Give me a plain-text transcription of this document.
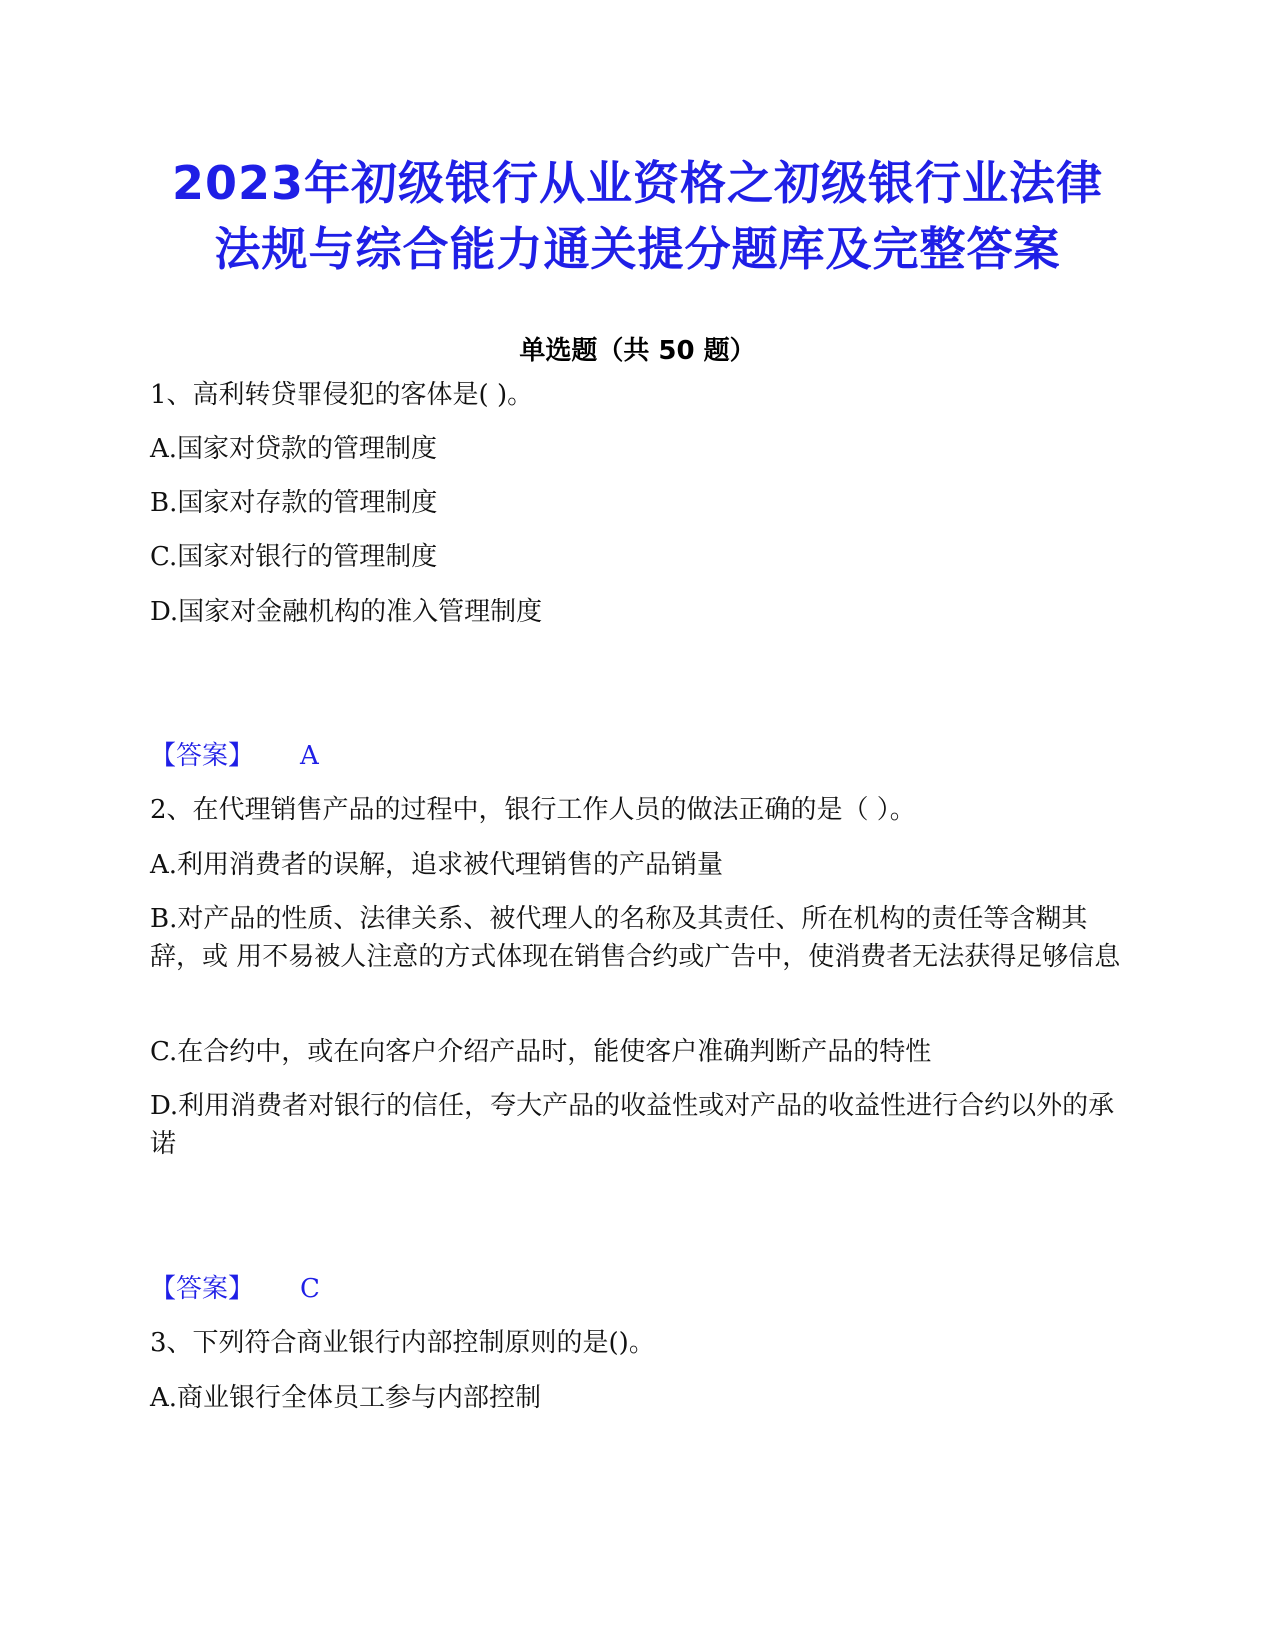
2023年初级银行从业资格之初级银行业法律
法规与综合能力通关提分题库及完整答案
单选题（共 50 题）
1、高利转贷罪侵犯的客体是( )。
A.国家对贷款的管理制度
B.国家对存款的管理制度
C.国家对银行的管理制度
D.国家对金融机构的准入管理制度
【答案】 A
2、在代理销售产品的过程中，银行工作人员的做法正确的是（ ）。
A.利用消费者的误解，追求被代理销售的产品销量
B.对产品的性质、法律关系、被代理人的名称及其责任、所在机构的责任等含糊其辞，或 用不易被人注意的方式体现在销售合约或广告中，使消费者无法获得足够信息
C.在合约中，或在向客户介绍产品时，能使客户准确判断产品的特性
D.利用消费者对银行的信任，夸大产品的收益性或对产品的收益性进行合约以外的承诺
【答案】 C
3、下列符合商业银行内部控制原则的是()。
A.商业银行全体员工参与内部控制
